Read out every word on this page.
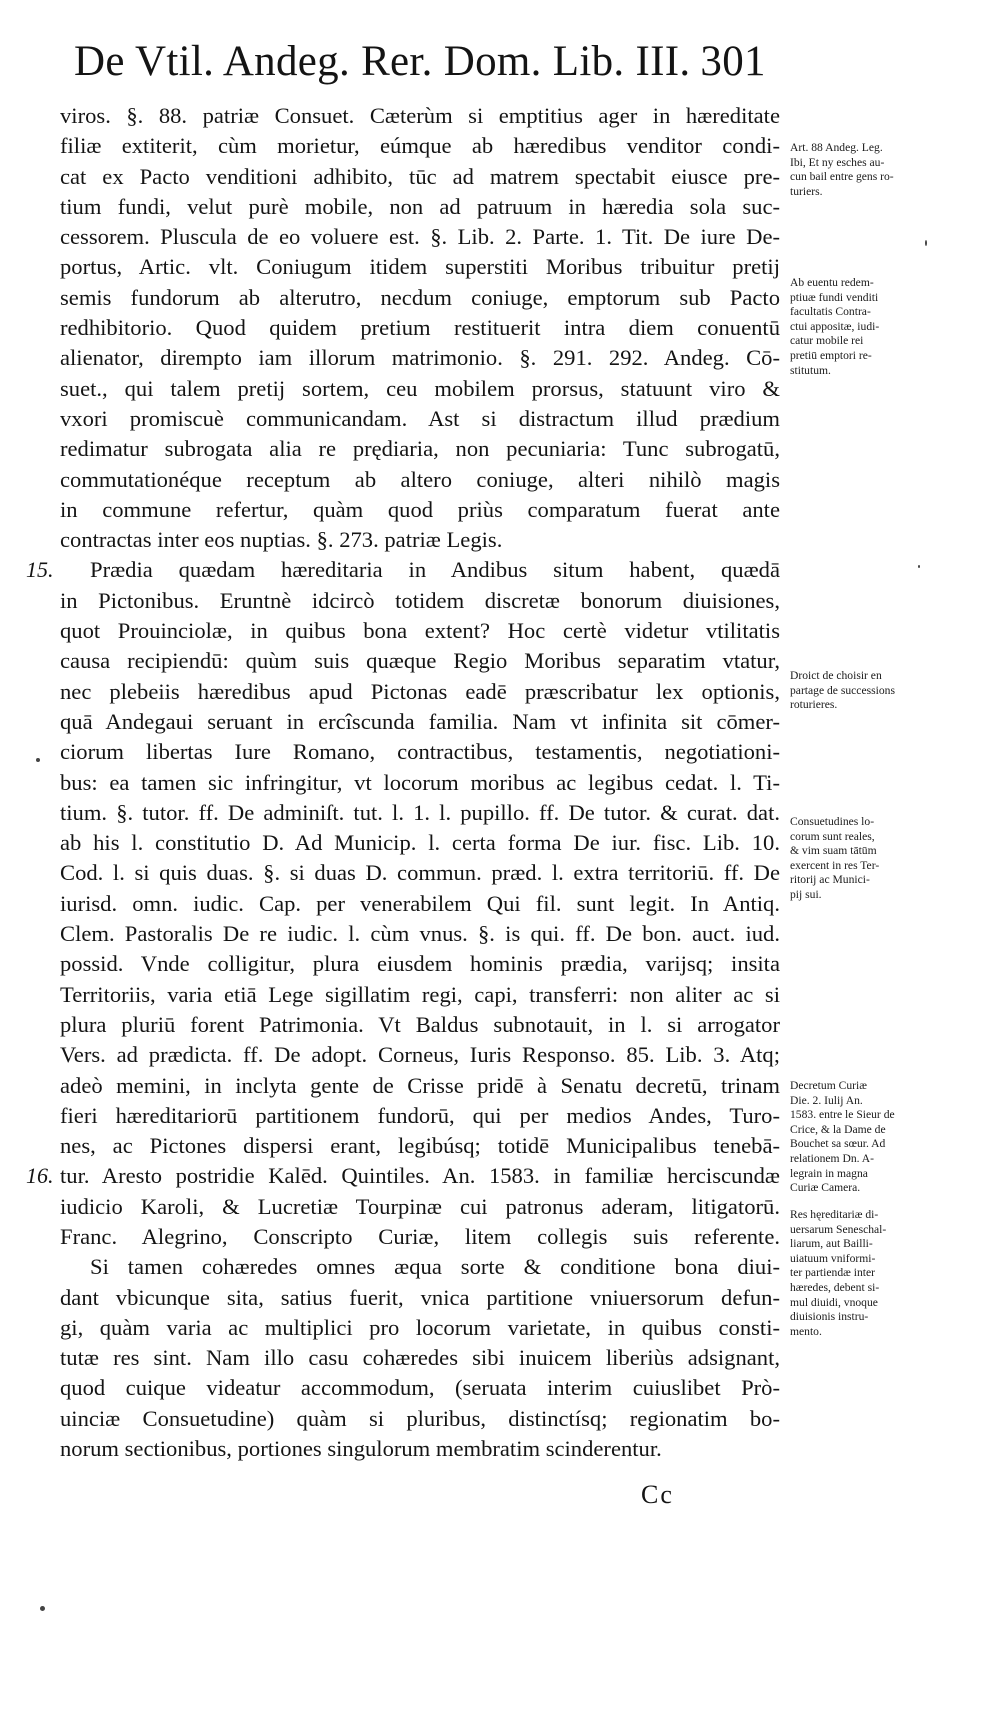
De Vtil. Andeg. Rer. Dom. Lib. III. 301
15.
16.
viros. §. 88. patriæ Consuet. Cæterùm si emptitius ager in hæreditate
filiæ extiterit, cùm morietur, eúmque ab hæredibus venditor condi-
cat ex Pacto venditioni adhibito, tūc ad matrem spectabit eiusce pre-
tium fundi, velut purè mobile, non ad patruum in hæredia sola suc-
cessorem. Pluscula de eo voluere est. §. Lib. 2. Parte. 1. Tit. De iure De-
portus, Artic. vlt. Coniugum itidem superstiti Moribus tribuitur pretij
semis fundorum ab alterutro, necdum coniuge, emptorum sub Pacto
redhibitorio. Quod quidem pretium restituerit intra diem conuentū
alienator, dirempto iam illorum matrimonio. §. 291. 292. Andeg. Cō-
suet., qui talem pretij sortem, ceu mobilem prorsus, statuunt viro &
vxori promiscuè communicandam. Ast si distractum illud prædium
redimatur subrogata alia re prędiaria, non pecuniaria: Tunc subrogatū,
commutationéque receptum ab altero coniuge, alteri nihilò magis
in commune refertur, quàm quod priùs comparatum fuerat ante
contractas inter eos nuptias. §. 273. patriæ Legis.
Prædia quædam hæreditaria in Andibus situm habent, quædā
in Pictonibus. Eruntnè idcircò totidem discretæ bonorum diuisiones,
quot Prouinciolæ, in quibus bona extent? Hoc certè videtur vtilitatis
causa recipiendū: quùm suis quæque Regio Moribus separatim vtatur,
nec plebeiis hæredibus apud Pictonas eadē præscribatur lex optionis,
quā Andegaui seruant in ercîscunda familia. Nam vt infinita sit cōmer-
ciorum libertas Iure Romano, contractibus, testamentis, negotiationi-
bus: ea tamen sic infringitur, vt locorum moribus ac legibus cedat. l. Ti-
tium. §. tutor. ff. De adminiſt. tut. l. 1. l. pupillo. ff. De tutor. & curat. dat.
ab his l. constitutio D. Ad Municip. l. certa forma De iur. fisc. Lib. 10.
Cod. l. si quis duas. §. si duas D. commun. præd. l. extra territoriū. ff. De
iurisd. omn. iudic. Cap. per venerabilem Qui fil. sunt legit. In Antiq.
Clem. Pastoralis De re iudic. l. cùm vnus. §. is qui. ff. De bon. auct. iud.
possid. Vnde colligitur, plura eiusdem hominis prædia, varijsq; insita
Territoriis, varia etiā Lege sigillatim regi, capi, transferri: non aliter ac si
plura pluriū forent Patrimonia. Vt Baldus subnotauit, in l. si arrogator
Vers. ad prædicta. ff. De adopt. Corneus, Iuris Responso. 85. Lib. 3. Atq;
adeò memini, in inclyta gente de Crisse pridē à Senatu decretū, trinam
fieri hæreditariorū partitionem fundorū, qui per medios Andes, Turo-
nes, ac Pictones dispersi erant, legibúsq; totidē Municipalibus tenebā-
tur. Aresto postridie Kalēd. Quintiles. An. 1583. in familiæ herciscundæ
iudicio Karoli, & Lucretiæ Tourpinæ cui patronus aderam, litigatorū.
Franc. Alegrino, Conscripto Curiæ, litem collegis suis referente.
Si tamen cohæredes omnes æqua sorte & conditione bona diui-
dant vbicunque sita, satius fuerit, vnica partitione vniuersorum defun-
gi, quàm varia ac multiplici pro locorum varietate, in quibus consti-
tutæ res sint. Nam illo casu cohæredes sibi inuicem liberiùs adsignant,
quod cuique videatur accommodum, (seruata interim cuiuslibet Prò-
uinciæ Consuetudine) quàm si pluribus, distinctísq; regionatim bo-
norum sectionibus, portiones singulorum membratim scinderentur.
Art. 88 Andeg. Leg.
Ibi, Et ny esches au-
cun bail entre gens ro-
turiers.
Ab euentu redem-
ptiuæ fundi venditi
facultatis Contra-
ctui appositæ, iudi-
catur mobile rei
pretiū emptori re-
stitutum.
Droict de choisir en
partage de successions
roturieres.
Consuetudines lo-
corum sunt reales,
& vim suam tātūm
exercent in res Ter-
ritorij ac Munici-
pij sui.
Decretum Curiæ
Die. 2. Iulij An.
1583. entre le Sieur de
Crice, & la Dame de
Bouchet sa sœur. Ad
relationem Dn. A-
legrain in magna
Curiæ Camera.
Res hęreditariæ di-
uersarum Seneschal-
liarum, aut Bailli-
uiatuum vniformi-
ter partiendæ inter
hæredes, debent si-
mul diuidi, vnoque
diuisionis instru-
mento.
Cc
